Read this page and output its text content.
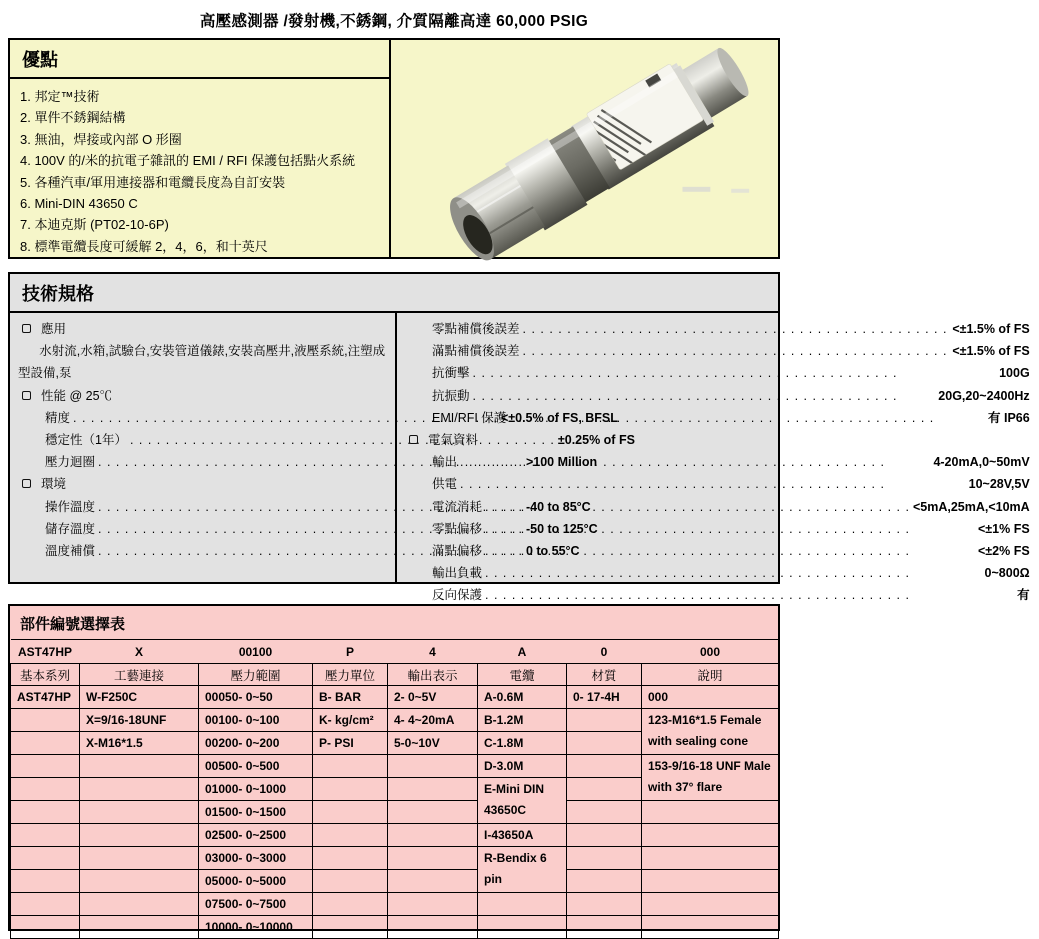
高壓感測器 /發射機,不銹鋼, 介質隔離高達 60,000 PSIG
優點
1. 邦定™技術
2. 單件不銹鋼結構
3. 無油，焊接或內部 O 形圈
4. 100V 的/米的抗電子雜訊的 EMI / RFI 保護包括點火系統
5. 各種汽車/軍用連接器和電纜長度為自訂安裝
6. Mini-DIN 43650 C
7. 本迪克斯 (PT02-10-6P)
8. 標準電纜長度可緩解 2，4，6，和十英尺
技術規格
應用
水射流,水箱,試驗台,安裝管道儀錶,安裝高壓井,液壓系統,注塑成型設備,泵
性能 @ 25℃
精度 . . .	<±0.5% of FS, BFSL
穩定性（1年） . . .	±0.25% of FS
壓力迴圈 . . .	>100 Million
環境
操作溫度 . . .	-40 to 85°C
儲存溫度 . . .	-50 to 125°C
溫度補償 . . .	0 to 55°C
零點補償後誤差 . . .	<±1.5% of FS
滿點補償後誤差 . . .	<±1.5% of FS
抗衝擊 . . .	100G
抗振動 . . .	20G,20~2400Hz
EMI/RFI 保護 . . .	有 IP66
電氣資料
輸出 . . .	4-20mA,0~50mV
供電 . . .	10~28V,5V
電流消耗 . . .	<5mA,25mA,<10mA
零點偏移 . . .	<±1% FS
滿點偏移 . . .	<±2% FS
輸出負載 . . .	0~800Ω
反向保護 . . .	有
部件編號選擇表
AST47HP	X	00100	P	4	A	0	000
基本系列	工藝連接	壓力範圍	壓力單位	輸出表示	電纜	材質	說明
AST47HP	W-F250C	00050- 0~50	B- BAR	2- 0~5V	A-0.6M	0- 17-4H	000
	X=9/16-18UNF	00100- 0~100	K- kg/cm²	4- 4~20mA	B-1.2M		123-M16*1.5 Female with sealing cone
	X-M16*1.5	00200- 0~200	P- PSI	5-0~10V	C-1.8M		
		00500- 0~500			D-3.0M		153-9/16-18 UNF Male with 37° flare
		01000- 0~1000			E-Mini DIN 43650C		
		01500- 0~1500					
		02500- 0~2500			I-43650A		
		03000- 0~3000			R-Bendix 6 pin		
		05000- 0~5000					
		07500- 0~7500					
		10000- 0~10000					
